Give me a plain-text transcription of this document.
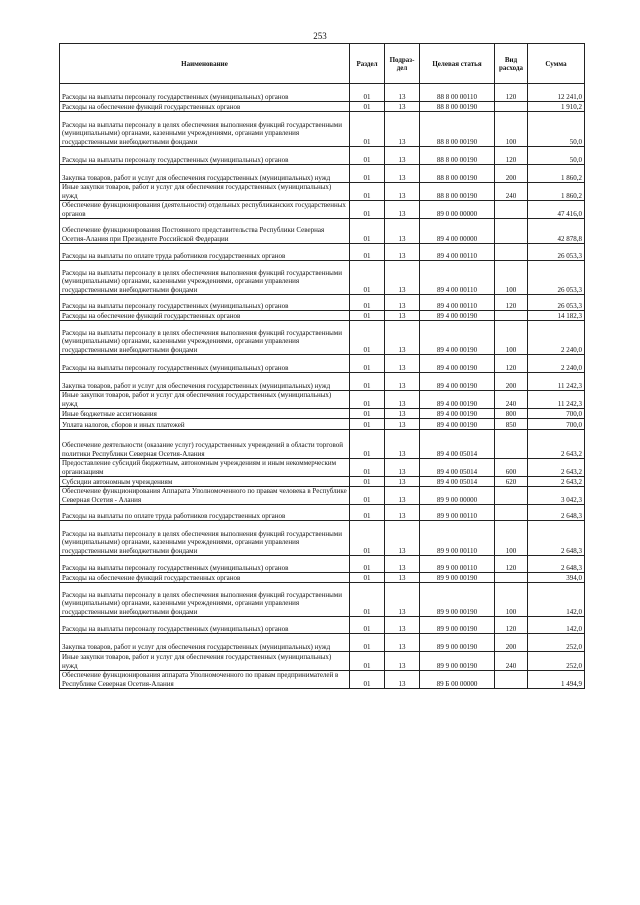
253
Наименование	Раздел	Подраз-дел	Целевая статья	Вид расхода	Сумма
Расходы на выплаты персоналу государственных (муниципальных) органов	01	13	88 8 00 00110	120	12 241,0
Расходы на обеспечение функций государственных органов	01	13	88 8 00 00190		1 910,2
Расходы на выплаты персоналу в целях обеспечения выполнения функций государственными (муниципальными) органами, казенными учреждениями, органами управления государственными внебюджетными фондами	01	13	88 8 00 00190	100	50,0
Расходы на выплаты персоналу государственных (муниципальных) органов	01	13	88 8 00 00190	120	50,0
Закупка товаров, работ и услуг для обеспечения государственных (муниципальных) нужд	01	13	88 8 00 00190	200	1 860,2
Иные закупки товаров, работ и услуг для обеспечения государственных (муниципальных) нужд	01	13	88 8 00 00190	240	1 860,2
Обеспечение функционирования (деятельности) отдельных республиканских государственных органов	01	13	89 0 00 00000		47 416,0
Обеспечение функционирования Постоянного представительства Республики Северная Осетия-Алания при Президенте Российской Федерации	01	13	89 4 00 00000		42 878,8
Расходы на выплаты по оплате труда работников государственных органов	01	13	89 4 00 00110		26 053,3
Расходы на выплаты персоналу в целях обеспечения выполнения функций государственными (муниципальными) органами, казенными учреждениями, органами управления государственными внебюджетными фондами	01	13	89 4 00 00110	100	26 053,3
Расходы на выплаты персоналу государственных (муниципальных) органов	01	13	89 4 00 00110	120	26 053,3
Расходы на обеспечение функций государственных органов	01	13	89 4 00 00190		14 182,3
Расходы на выплаты персоналу в целях обеспечения выполнения функций государственными (муниципальными) органами, казенными учреждениями, органами управления государственными внебюджетными фондами	01	13	89 4 00 00190	100	2 240,0
Расходы на выплаты персоналу государственных (муниципальных) органов	01	13	89 4 00 00190	120	2 240,0
Закупка товаров, работ и услуг для обеспечения государственных (муниципальных) нужд	01	13	89 4 00 00190	200	11 242,3
Иные закупки товаров, работ и услуг для обеспечения государственных (муниципальных) нужд	01	13	89 4 00 00190	240	11 242,3
Иные бюджетные ассигнования	01	13	89 4 00 00190	800	700,0
Уплата налогов, сборов и иных платежей	01	13	89 4 00 00190	850	700,0
Обеспечение деятельности (оказание услуг) государственных учреждений в области торговой политики Республики Северная Осетия-Алания	01	13	89 4 00 05014		2 643,2
Предоставление субсидий бюджетным, автономным учреждениям и иным некоммерческим организациям	01	13	89 4 00 05014	600	2 643,2
Субсидии автономным учреждениям	01	13	89 4 00 05014	620	2 643,2
Обеспечение функционирования Аппарата Уполномоченного по правам человека в Республике Северная Осетия - Алания	01	13	89 9 00 00000		3 042,3
Расходы на выплаты по оплате труда работников государственных органов	01	13	89 9 00 00110		2 648,3
Расходы на выплаты персоналу в целях обеспечения выполнения функций государственными (муниципальными) органами, казенными учреждениями, органами управления государственными внебюджетными фондами	01	13	89 9 00 00110	100	2 648,3
Расходы на выплаты персоналу государственных (муниципальных) органов	01	13	89 9 00 00110	120	2 648,3
Расходы на обеспечение функций государственных органов	01	13	89 9 00 00190		394,0
Расходы на выплаты персоналу в целях обеспечения выполнения функций государственными (муниципальными) органами, казенными учреждениями, органами управления государственными внебюджетными фондами	01	13	89 9 00 00190	100	142,0
Расходы на выплаты персоналу государственных (муниципальных) органов	01	13	89 9 00 00190	120	142,0
Закупка товаров, работ и услуг для обеспечения государственных (муниципальных) нужд	01	13	89 9 00 00190	200	252,0
Иные закупки товаров, работ и услуг для обеспечения государственных (муниципальных) нужд	01	13	89 9 00 00190	240	252,0
Обеспечение функционирования аппарата Уполномоченного по правам предпринимателей в Республике Северная Осетия-Алания	01	13	89 Б 00 00000		1 494,9
